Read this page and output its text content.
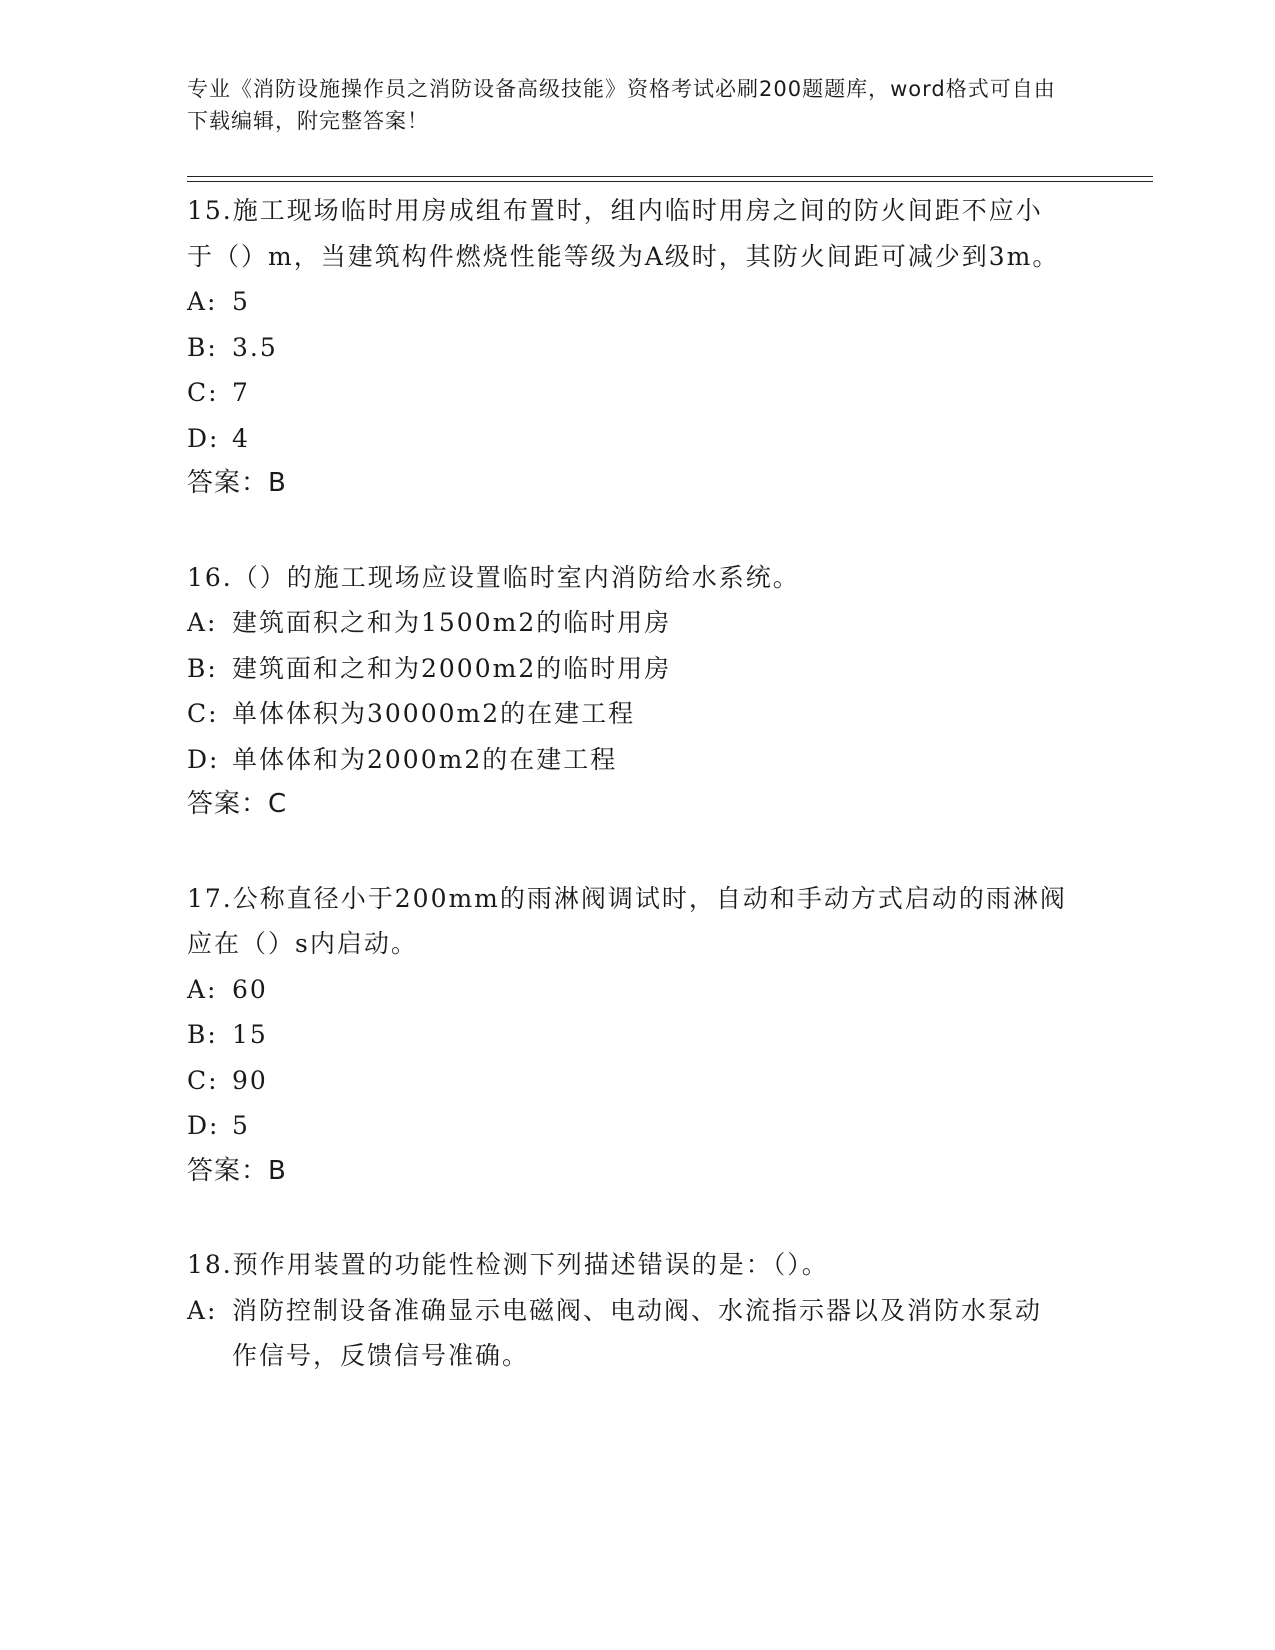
专业《消防设施操作员之消防设备高级技能》资格考试必刷200题题库，word格式可自由下载编辑，附完整答案！

15.施工现场临时用房成组布置时，组内临时用房之间的防火间距不应小于（）m，当建筑构件燃烧性能等级为A级时，其防火间距可减少到3m。

A: 5
B: 3.5
C: 7
D: 4

答案：B

16.（）的施工现场应设置临时室内消防给水系统。

A: 建筑面积之和为1500m2的临时用房
B: 建筑面和之和为2000m2的临时用房
C: 单体体积为30000m2的在建工程
D: 单体体和为2000m2的在建工程

答案：C

17.公称直径小于200mm的雨淋阀调试时，自动和手动方式启动的雨淋阀应在（）s内启动。

A: 60
B: 15
C: 90
D: 5

答案：B

18.预作用装置的功能性检测下列描述错误的是：（）。

A: 消防控制设备准确显示电磁阀、电动阀、水流指示器以及消防水泵动作信号，反馈信号准确。
